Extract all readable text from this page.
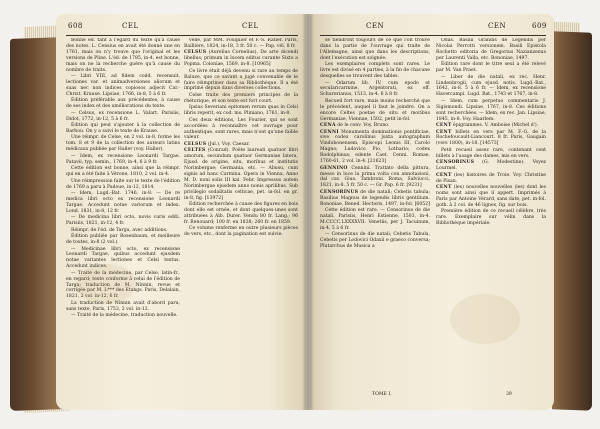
608	CEL	CEL

Bonne éd. tant à l'égard du texte qu'à cause des notes. L. Censius en avait été donné une en 1761, mais on n'y trouve que l'original et les versions de Pline. L'éd. de 1785, in-4, est bonne, mais on ne la recherche guère qu'à cause du nombre de traits.

— Libri VIII, ad fidem codd. recensuit, lectiones var. et animadversiones aliorum et suas nec non indices copiosos adjecit Car.-Christ. Krause. Lipsiae, 1766, in-8, 5 à 6 fr.

Édition préférable aux précédentes, à cause de ses index et des améliorations du texte.

— Celsus, ex recensione L. Valart. Parisiis, Didot, 1772, in-12, 5 à 6 fr.

Édition qui peut s'ajouter à la collection de Barbou. On y a suivi le texte de Krause.

Une réimpr. de Celse, en 2 vol. in-8, forme les tom. 8 et 9 de la collection des auteurs latins médicaux publiée par Haller (voy. Haller).

— Idem, ex recensione Leonardi Targae. Patavii, typ. semin., 1769, in-4, 6 à 9 fr.

Cette édition est bonne, ainsi que la réimpr. qui en a été faite à Vérone, 1810, 2 vol. in-4.

Une réimpression faite sur le texte de l'édition de 1769 a paru à Padoue, in-12, 1814.

— Idem, Lugd.-Bat. 1746, in-8. — De re medica libri octo ex recensione Leonardi Targae. Accedunt notae variorum et index. Lond. 1831, in-8, 12 fr.

— De medicina libri octo, novis curis editi. Parisiis, 1821, in-12, 4 fr.

Réimpr. de l'éd. de Targa, avec additions.

Édition publiée par Rosenbaum, et meilleure de toutes, in-8 (2 vol.).

— Medicinae libri octo, ex recensione Leonardi Targae, quibus accedunt ejusdem notae variantes lectiones et Celsi textus. Accedunt indices.

— Traité de la médecine, par Celse, latin-fr., en regard; texte conforme à celui de l'édition de Targa; traduction de M. Ninnin, revue et corrigée par M. L*** des Etangs. Paris, Delalain, 1821, 2 vol. in-12, 6 fr.

La traduction de Ninnin avait d'abord paru, sans texte, Paris, 1753, 2 vol. in-12.

— Traité de la médecine, traduction nouvelle.

velle, par MM. Fouquier et F.-S. Ratier. Paris, Baillière, 1824, in-18, 3 fr. 50 c. — Pap. vél. 8 fr.

CELSUS (Aurelius Cornelius). De arte dicendi libellus; primum in lucem editus curante Sixto a Popma. Coloniae, 1569, in-8. [10965]

Ce livre était déjà devenu si rare au temps de Baluze, que ce savant a jugé convenable de le faire réimprimer dans sa Bibliothèque. Il a été imprimé depuis dans diverses collections.

Celse traite des premiers principes de la rhétorique, et son texte est fort court.

Ipsius Severiani epitomen rerum quas in Celsi libris reperit, ex cod. ms. Pliniano, 1761, in-8.

Ces deux éditions, Les Fourier, qui se sont accordées à reconnaître cet ouvrage pour authentique, sont rares, mais n'ont qu'une faible valeur.

CELSUS (Jul.). Voy. Caesar.

CELTES (Conrad). Poëte laureati quatuor libri amorum, secundum quatuor Germaniae latera, Ejusd. de origine, situ, moribus et institutis Norimbergae; Germania, etc. — Abusu, cum signis ad hanc Carmina. Opera in Vienna, Anno M. D. noni solis III kal. Febr. Impressus autem Norimbergae ejusdem anno nonis aprilibus. Sub privilegio sodalitatis celticae, pet. in-fol. en gr. in-8, fig. [13972]

Édition recherchée à cause des figures en bois dont elle est ornée, et dont quelques-unes sont attribuées à Alb. Durer. Vendu 80 fr. Lang.; 96 fr. Renouard; 100 fr. en 1838; 260 fr. en 1859.

Ce volume renferme en outre plusieurs pièces de vers, etc., dont la pagination est suivie.

CEN	CEN	609

se tiendront toujours de ce que l'on trouve dans la partie de l'ouvrage qui traite de l'Allemagne, ainsi que dans les descriptions, dont l'exécution est soignée.

Les exemplaires complets sont rares. Le livre est divisé en 4 parties, à la fin de chacune desquelles se trouvent des tables.

— Odarum lib. IV, cum epodo et secularicarmine, Argentorati, ex off. Schurerianus, 1513, in-4. 6 à 8 fr.

Recueil fort rare, mais moins recherché que le précédent, auquel il faut le joindre. On a encore Celtes poetae de situ et moribus Germaniae, Viennae, 1502, petit in-fol.

CENA de le conv. Voy. Bruno.

CENNI Monumenta dominationis pontificiae, sive codex carolinus juxta autographum Vindobonensem, Episcopi Leonis III, Carolo Magno; Ludovico Pio, Lothario; codex Rodolphinus; edente Caet. Cenni. Romae, 1760-61, 2 vol. in-4. [21623]

GENNINO Cennini. Trattato della pittura, messo in luce la prima volta con annotazioni, dal cav. Gius. Tambroni. Roma, Salviucci, 1821, in-8. 5 fr. 50 c. — Gr. Pap. 6 fr. [9231]

CENSORINUS de die natali; Cebetis tabula; Basilius Magnus de legendis libris gentilium. Bononiae, Bened. Hectoris, 1497, in-fol. [6052]

Cette édition est rare. — Censorinus de die natali. Parisiis, Henri Estienne, 1503, in-4. M.CCCC.LXXXXVII. Venetiis, per J. Tacuinum, in-4, 5 à 6 fr.

— Censorinus de die natali; Cebetis Tabula, Cebetis per Lodovici Odaxii e graeco conversa; Plutarchus de Musica a

Odas. Basilii Grandis de Legendis per Nicolai Perrotti versionem. Basili Epistola Rochetto editoria de Gregorius Nazianzenus per Laurenti Valla, etc. Bononiae, 1497.

Édition rare dont le titre seul a été relevé par M. Van Praet.

— Liber de die natali, ex rec. Henr. Lindenbrogii, cum ejusd. notis. Lugd.-Bat., 1642, in-8. 5 à 6 fr. — Idem, ex recensione Havercampi. Lugd. Bat., 1743 et 1767, in-8.

— Idem, cum perpetuo commentario J. Sigismondi. Lipsiae, 1767, in-8. Ces éditions sont recherchées. — Idem, ex rec. Jan. Lipsiae, 1845, in-8. Voy. Haarlem.

CENT épigrammes. V. Amboise (Michel d').

CENT billets en vers par M. F.-G. de la Rochefoucault-Liancourt. 8 fr. Paris, Gaugain (vers 1800), in-18. [14573]

Petit recueil assez rare, contenant cent billets à l'usage des dames, mis en vers.

CENSORINUS (G. Modestine). Voyez Lourmel.

CENT (les) histoires de Troie. Voy. Christine de Pisan.

CENT (les) nouvelles nouvelles (les) dont les noms sont ainsi que il appert. Imprimés à Paris par Antoine Vérard, sans date, pet. in-fol. goth. à 2 col. de 46 lignes, fig. sur bois.

Première édition de ce recueil célèbre, très rare. Exemplaire sur vélin dans la Bibliothèque impériale.

TOME I.	39
